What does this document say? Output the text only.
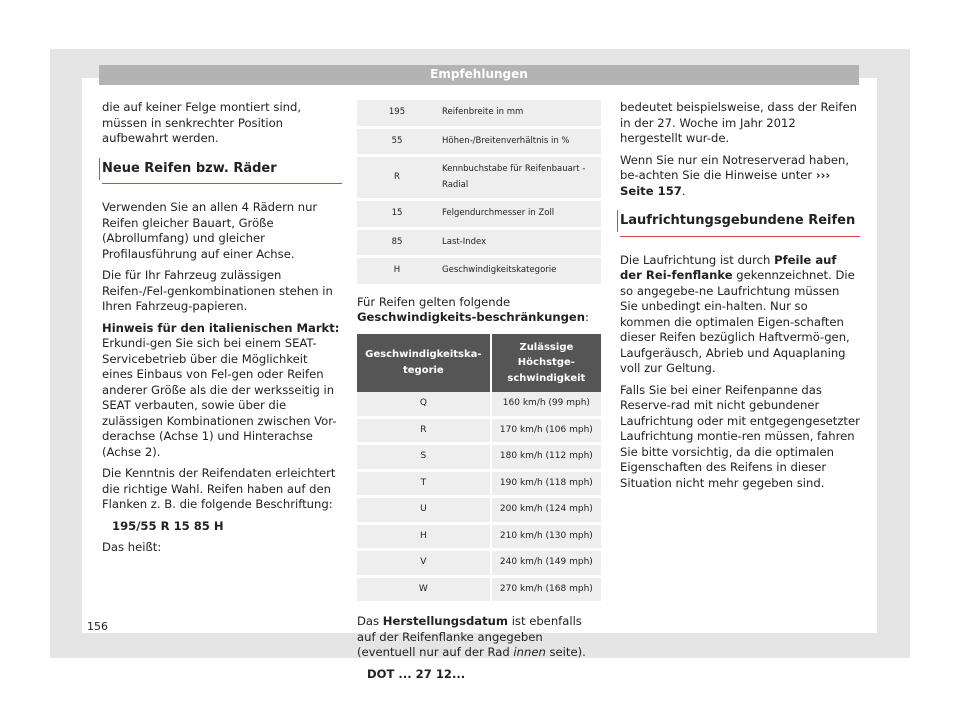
Empfehlungen

die auf keiner Felge montiert sind, müssen in senkrechter Position aufbewahrt werden.

Neue Reifen bzw. Räder

Verwenden Sie an allen 4 Rädern nur Reifen gleicher Bauart, Größe (Abrollumfang) und gleicher Profilausführung auf einer Achse.

Die für Ihr Fahrzeug zulässigen Reifen-/Fel-genkombinationen stehen in Ihren Fahrzeug-papieren.

Hinweis für den italienischen Markt: Erkundi-gen Sie sich bei einem SEAT-Servicebetrieb über die Möglichkeit eines Einbaus von Fel-gen oder Reifen anderer Größe als die der werksseitig in SEAT verbauten, sowie über die zulässigen Kombinationen zwischen Vor-derachse (Achse 1) und Hinterachse (Achse 2).

Die Kenntnis der Reifendaten erleichtert die richtige Wahl. Reifen haben auf den Flanken z. B. die folgende Beschriftung:

195/55 R 15 85 H

Das heißt:

195	Reifenbreite in mm
55	Höhen-/Breitenverhältnis in %
R	Kennbuchstabe für Reifenbauart - Radial
15	Felgendurchmesser in Zoll
85	Last-Index
H	Geschwindigkeitskategorie

Für Reifen gelten folgende Geschwindigkeits-beschränkungen:

Geschwindigkeitska-tegorie	Zulässige Höchstge-schwindigkeit
Q	160 km/h (99 mph)
R	170 km/h (106 mph)
S	180 km/h (112 mph)
T	190 km/h (118 mph)
U	200 km/h (124 mph)
H	210 km/h (130 mph)
V	240 km/h (149 mph)
W	270 km/h (168 mph)

Das Herstellungsdatum ist ebenfalls auf der Reifenflanke angegeben (eventuell nur auf der Rad innen seite).

DOT ... 27 12...

bedeutet beispielsweise, dass der Reifen in der 27. Woche im Jahr 2012 hergestellt wur-de.

Wenn Sie nur ein Notreserverad haben, be-achten Sie die Hinweise unter ››› Seite 157.

Laufrichtungsgebundene Reifen

Die Laufrichtung ist durch Pfeile auf der Rei-fenflanke gekennzeichnet. Die so angegebe-ne Laufrichtung müssen Sie unbedingt ein-halten. Nur so kommen die optimalen Eigen-schaften dieser Reifen bezüglich Haftvermö-gen, Laufgeräusch, Abrieb und Aquaplaning voll zur Geltung.

Falls Sie bei einer Reifenpanne das Reserve-rad mit nicht gebundener Laufrichtung oder mit entgegengesetzter Laufrichtung montie-ren müssen, fahren Sie bitte vorsichtig, da die optimalen Eigenschaften des Reifens in dieser Situation nicht mehr gegeben sind.

156
